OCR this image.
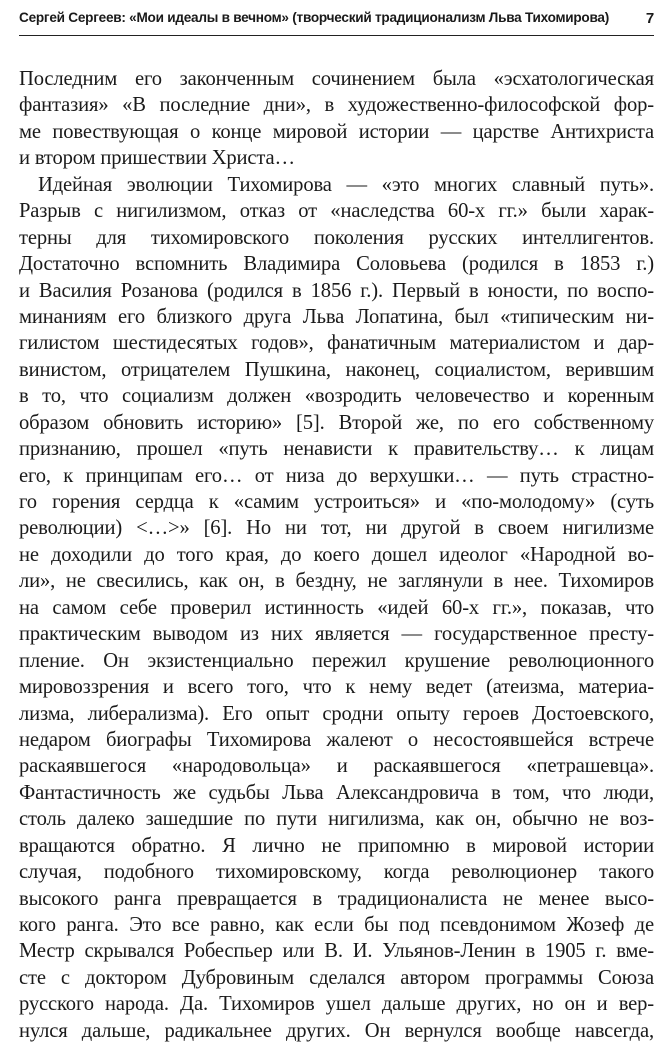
Сергей Сергеев: «Мои идеалы в вечном» (творческий традиционализм Льва Тихомирова) 7
Последним его законченным сочинением была «эсхатологическая
фантазия» «В последние дни», в художественно-философской фор-
ме повествующая о конце мировой истории — царстве Антихриста
и втором пришествии Христа…
Идейная эволюции Тихомирова — «это многих славный путь».
Разрыв с нигилизмом, отказ от «наследства 60-х гг.» были харак-
терны для тихомировского поколения русских интеллигентов.
Достаточно вспомнить Владимира Соловьева (родился в 1853 г.)
и Василия Розанова (родился в 1856 г.). Первый в юности, по воспо-
минаниям его близкого друга Льва Лопатина, был «типическим ни-
гилистом шестидесятых годов», фанатичным материалистом и дар-
винистом, отрицателем Пушкина, наконец, социалистом, верившим
в то, что социализм должен «возродить человечество и коренным
образом обновить историю» [5]. Второй же, по его собственному
признанию, прошел «путь ненависти к правительству… к лицам
его, к принципам его… от низа до верхушки… — путь страстно-
го горения сердца к «самим устроиться» и «по-молодому» (суть
революции) <…>» [6]. Но ни тот, ни другой в своем нигилизме
не доходили до того края, до коего дошел идеолог «Народной во-
ли», не свесились, как он, в бездну, не заглянули в нее. Тихомиров
на самом себе проверил истинность «идей 60-х гг.», показав, что
практическим выводом из них является — государственное престу-
пление. Он экзистенциально пережил крушение революционного
мировоззрения и всего того, что к нему ведет (атеизма, материа-
лизма, либерализма). Его опыт сродни опыту героев Достоевского,
недаром биографы Тихомирова жалеют о несостоявшейся встрече
раскаявшегося «народовольца» и раскаявшегося «петрашевца».
Фантастичность же судьбы Льва Александровича в том, что люди,
столь далеко зашедшие по пути нигилизма, как он, обычно не воз-
вращаются обратно. Я лично не припомню в мировой истории
случая, подобного тихомировскому, когда революционер такого
высокого ранга превращается в традиционалиста не менее высо-
кого ранга. Это все равно, как если бы под псевдонимом Жозеф де
Местр скрывался Робеспьер или В. И. Ульянов-Ленин в 1905 г. вме-
сте с доктором Дубровиным сделался автором программы Союза
русского народа. Да. Тихомиров ушел дальше других, но он и вер-
нулся дальше, радикальнее других. Он вернулся вообще навсегда,
